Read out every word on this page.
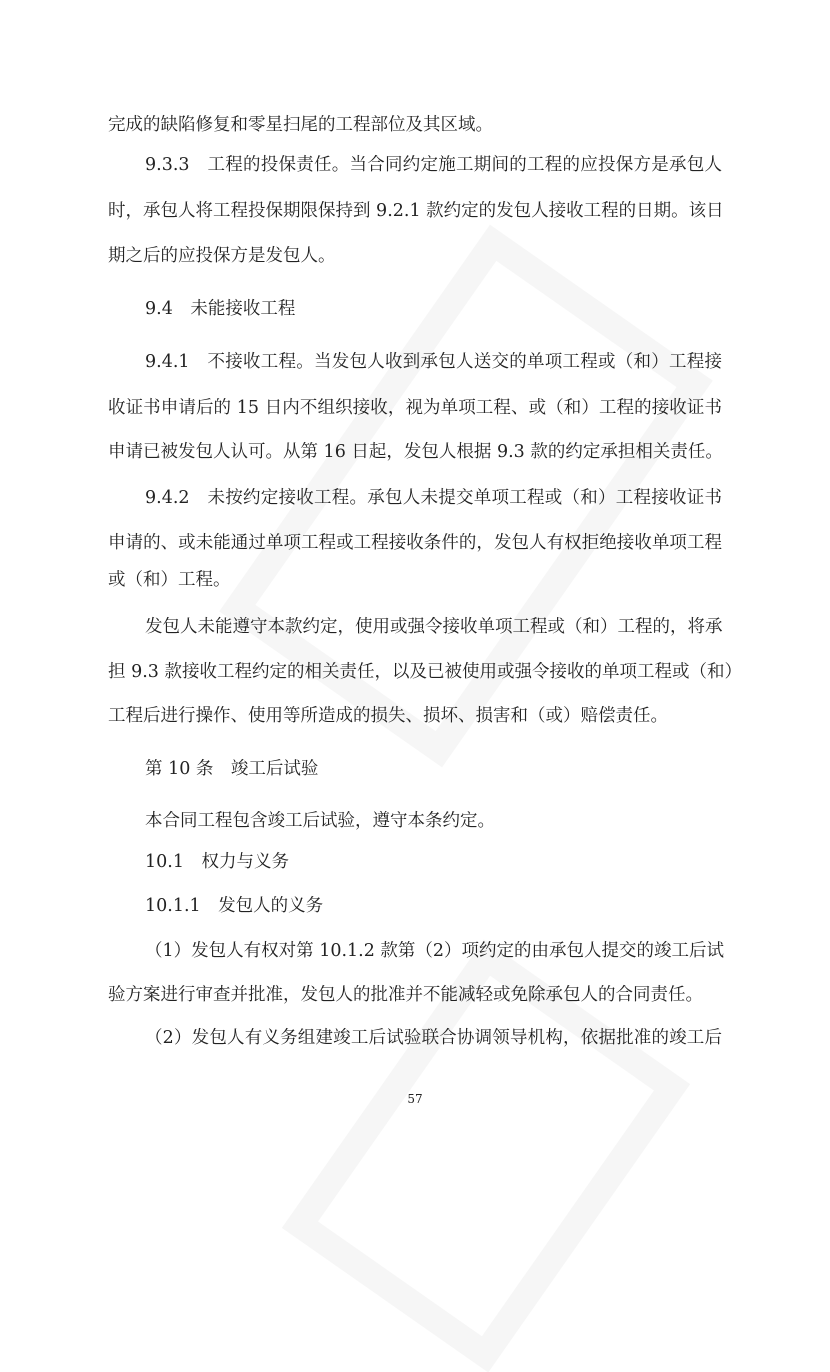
完成的缺陷修复和零星扫尾的工程部位及其区域。
9.3.3　工程的投保责任。当合同约定施工期间的工程的应投保方是承包人
时，承包人将工程投保期限保持到 9.2.1 款约定的发包人接收工程的日期。该日
期之后的应投保方是发包人。
9.4　未能接收工程
9.4.1　不接收工程。当发包人收到承包人送交的单项工程或（和）工程接
收证书申请后的 15 日内不组织接收，视为单项工程、或（和）工程的接收证书
申请已被发包人认可。从第 16 日起，发包人根据 9.3 款的约定承担相关责任。
9.4.2　未按约定接收工程。承包人未提交单项工程或（和）工程接收证书
申请的、或未能通过单项工程或工程接收条件的，发包人有权拒绝接收单项工程
或（和）工程。
发包人未能遵守本款约定，使用或强令接收单项工程或（和）工程的，将承
担 9.3 款接收工程约定的相关责任，以及已被使用或强令接收的单项工程或（和）
工程后进行操作、使用等所造成的损失、损坏、损害和（或）赔偿责任。
第 10 条　竣工后试验
本合同工程包含竣工后试验，遵守本条约定。
10.1　权力与义务
10.1.1　发包人的义务
（1）发包人有权对第 10.1.2 款第（2）项约定的由承包人提交的竣工后试
验方案进行审查并批准，发包人的批准并不能减轻或免除承包人的合同责任。
（2）发包人有义务组建竣工后试验联合协调领导机构，依据批准的竣工后
57
